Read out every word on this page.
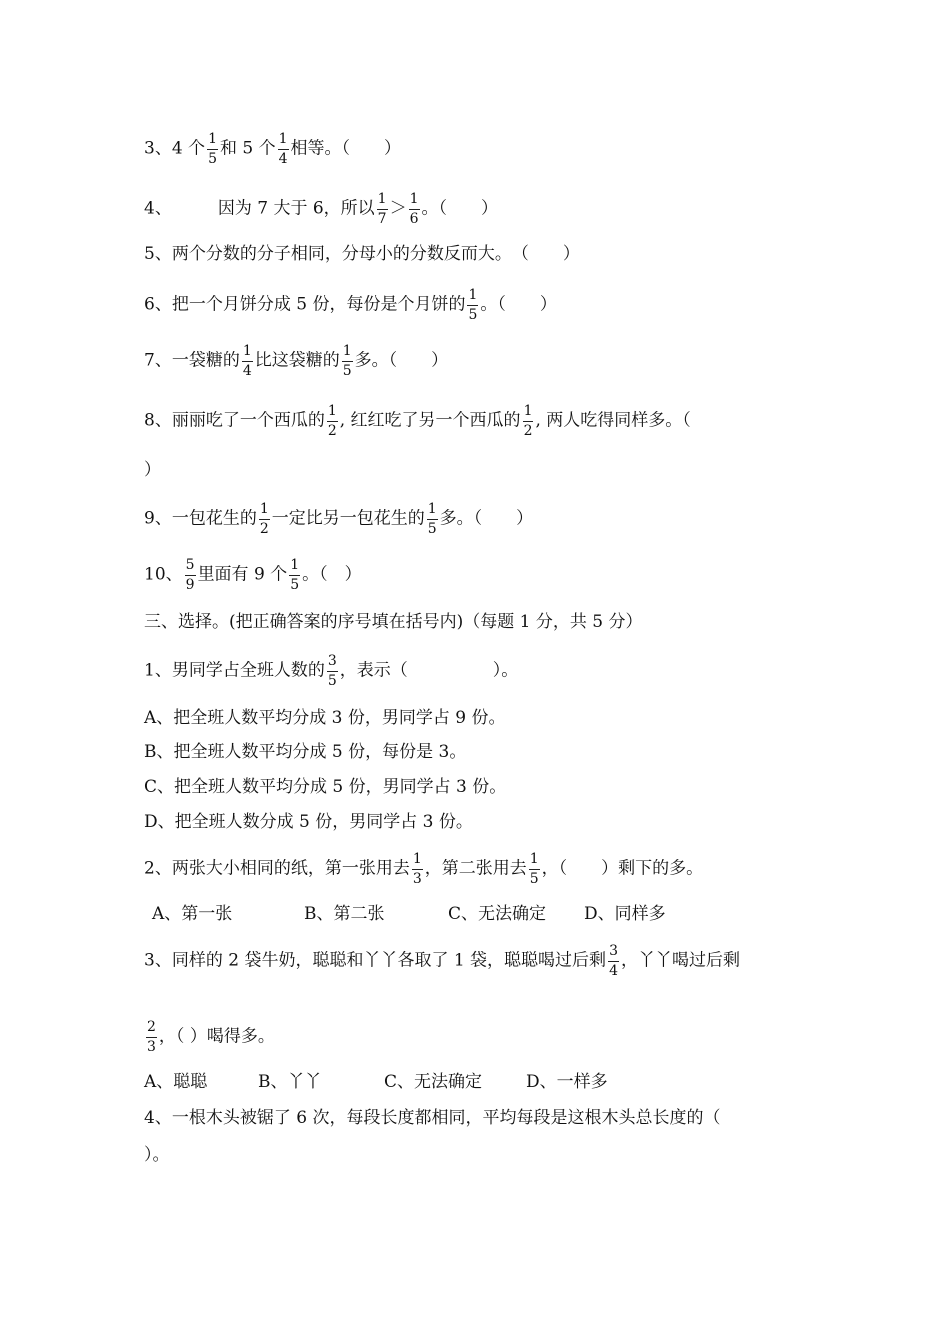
3、4 个 $\frac{1}{5}$ 和 5 个 $\frac{1}{4}$ 相等。（　　）
4、	因为 7 大于 6，所以 $\frac{1}{7} > \frac{1}{6}$ 。（　　）
5、两个分数的分子相同，分母小的分数反而大。　（　　）
6、把一个月饼分成 5 份，每份是个月饼的 $\frac{1}{5}$ 。（　　）
7、一袋糖的 $\frac{1}{4}$ 比这袋糖的 $\frac{1}{5}$ 多。（　　）
8、丽丽吃了一个西瓜的 $\frac{1}{2}$ , 红红吃了另一个西瓜的 $\frac{1}{2}$ , 两人吃得同样多。（
）
9、一包花生的 $\frac{1}{2}$ 一定比另一包花生的 $\frac{1}{5}$ 多。（　　）
10、 $\frac{5}{9}$ 里面有 9 个 $\frac{1}{5}$ 。（　）
三、选择。(把正确答案的序号填在括号内)（每题 1 分，共 5 分）
1、男同学占全班人数的 $\frac{3}{5}$ ，表示（　　　　　）。
A、把全班人数平均分成 3 份，男同学占 9 份。
B、把全班人数平均分成 5 份，每份是 3。
C、把全班人数平均分成 5 份，男同学占 3 份。
D、把全班人数分成 5 份，男同学占 3 份。
2、两张大小相同的纸，第一张用去 $\frac{1}{3}$ ，第二张用去 $\frac{1}{5}$ ，（　　）剩下的多。
A、第一张	B、第二张	C、无法确定 D、同样多
3、同样的 2 袋牛奶，聪聪和丫丫各取了 1 袋，聪聪喝过后剩 $\frac{3}{4}$ ，丫丫喝过后剩
$\frac{2}{3}$ ，（ ）喝得多。
A、聪聪	B、丫丫	C、无法确定	D、一样多
4、一根木头被锯了 6 次，每段长度都相同，平均每段是这根木头总长度的（
）。
